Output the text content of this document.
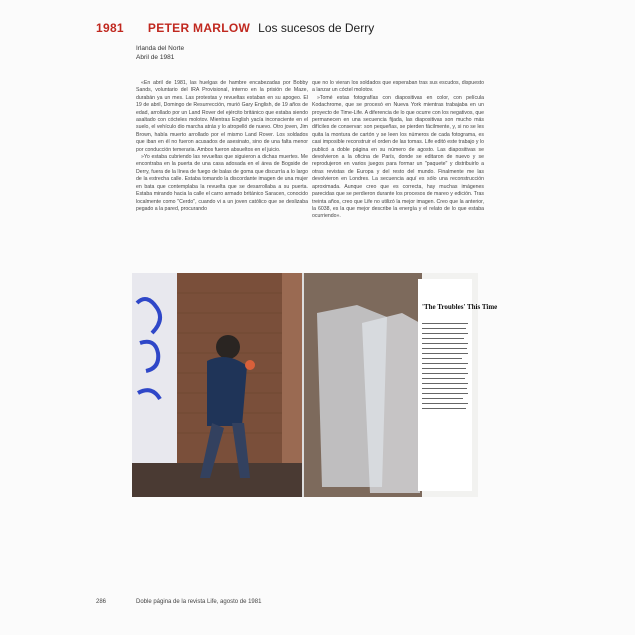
1981 PETER MARLOW Los sucesos de Derry
Irlanda del Norte
Abril de 1981

«En abril de 1981, las huelgas de hambre encabezadas por Bobby Sands, voluntario del IRA Provisional, interno en la prisión de Maze, durabán ya un mes. Las protestas y revueltas estaban en su apogeo. El 19 de abril, Domingo de Resurrección, murió Gary English, de 19 años de edad, arrollado por un Land Rover del ejército británico que estaba siendo asaltado con cócteles molotov. Mientras English yacía inconsciente en el suelo, el vehículo dio marcha atrás y lo atropelló de nuevo. Otro joven, Jim Brown, había muerto arrollado por el mismo Land Rover. Los soldados que iban en él no fueron acusados de asesinato, sino de una falta menor por conducción temeraria. Ambos fueron absueltos en el juicio.

»Yo estaba cubriendo las revueltas que siguieron a dichas muertes. Me encontraba en la puerta de una casa adosada en el área de Bogside de Derry, fuera de la línea de fuego de balas de goma que discurría a lo largo de la estrecha calle. Estaba tomando la discordante imagen de una mujer en bata que contemplaba la revuelta que se desarrollaba a su puerta. Estaba mirando hacia la calle el carro armado británico Saracen, conocido localmente como "Cerdo", cuando vi a un joven católico que se deslizaba pegado a la pared, procurando

que no lo vieran los soldados que esperaban tras sus escudos, dispuesto a lanzar un cóctel molotov.

»Tomé estas fotografías con diapositivas en color, con película Kodachrome, que se procesó en Nueva York mientras trabajaba en un proyecto de Time-Life. A diferencia de lo que ocurre con los negativos, que permanecen en una secuencia fijada, las diapositivas son mucho más difíciles de conservar: son pequeñas, se pierden fácilmente, y, si no se les quita la montura de cartón y se leen los números de cada fotograma, es casi imposible reconstruir el orden de las tomas. Life editó este trabajo y lo publicó a doble página en su número de agosto. Las diapositivas se devolvieron a la oficina de París, donde se editaron de nuevo y se reprodujeron en varios juegos para formar un "paquete" y distribuirlo a otras revistas de Europa y del resto del mundo. Finalmente me las devolvieron en Londres. La secuencia aquí es sólo una reconstrucción aproximada. Aunque creo que es correcta, hay muchas imágenes parecidas que se perdieron durante los procesos de mareo y edición. Tras treinta años, creo que Life no utilizó la mejor imagen. Creo que la anterior, la 6038, es la que mejor describe la energía y el relato de lo que estaba ocurriendo».

'The Troubles' This Time
286	Doble página de la revista Life, agosto de 1981
